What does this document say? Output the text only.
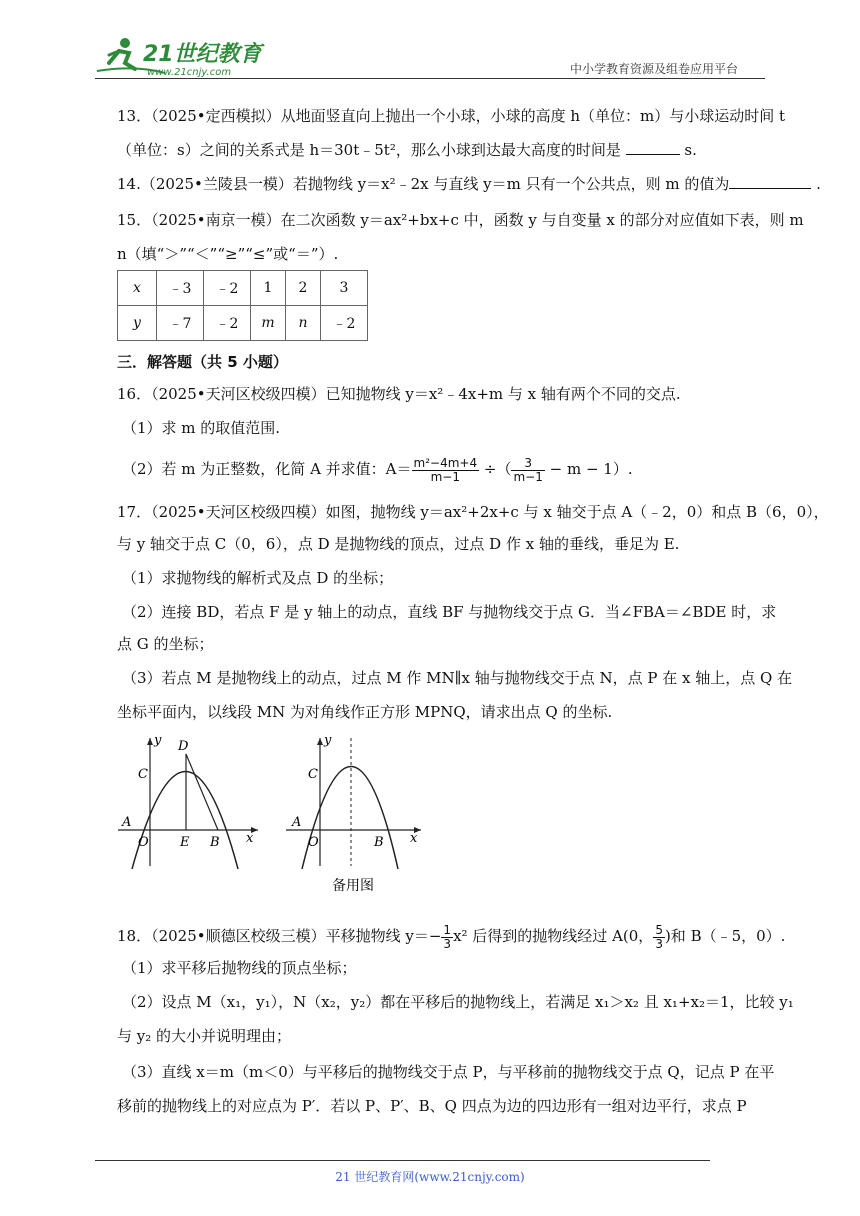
21世纪教育
www.21cnjy.com	中小学教育资源及组卷应用平台
13．（2025•定西模拟）从地面竖直向上抛出一个小球，小球的高度 h（单位：m）与小球运动时间 t
（单位：s）之间的关系式是 h＝30t﹣5t²，那么小球到达最大高度的时间是	s.
14.（2025•兰陵县一模）若抛物线 y＝x²﹣2x 与直线 y＝m 只有一个公共点，则 m 的值为	.
15．（2025•南京一模）在二次函数 y＝ax²+bx+c 中，函数 y 与自变量 x 的部分对应值如下表，则 m
n（填“＞”“＜”“≥”“≤”或“＝”）.
x	﹣3	﹣2	1	2	3
y	﹣7	﹣2	m	n	﹣2
三．解答题（共 5 小题）
16．（2025•天河区校级四模）已知抛物线 y＝x²﹣4x+m 与 x 轴有两个不同的交点.
（1）求 m 的取值范围.
（2）若 m 为正整数，化简 A 并求值：$A= \frac{\text{m²−4m+4}}{m-1}$ ÷（ $\frac{3}{m-1} - m - 1$）.
17．（2025•天河区校级四模）如图，抛物线 y＝ax²+2x+c 与 x 轴交于点 A（﹣2，0）和点 B（6，0），
与 y 轴交于点 C（0，6），点 D 是抛物线的顶点，过点 D 作 x 轴的垂线，垂足为 E.
（1）求抛物线的解析式及点 D 的坐标；
（2）连接 BD，若点 F 是 y 轴上的动点，直线 BF 与抛物线交于点 G．当∠FBA＝∠BDE 时，求
点 G 的坐标；
（3）若点 M 是抛物线上的动点，过点 M 作 MN∥x 轴与抛物线交于点 N，点 P 在 x 轴上，点 Q 在
坐标平面内，以线段 MN 为对角线作正方形 MPNQ，请求出点 Q 的坐标.
y D
C
A
O E B x
y
C
A
O	B x
备用图
18．（2025•顺德区校级三模）平移抛物线 $y=- \frac{1}{3} x^2$ 后得到的抛物线经过 A(0， $\frac{5}{3}$ )和 B（﹣5，0）.
（1）求平移后抛物线的顶点坐标；
（2）设点 M（x₁，y₁），N（x₂，y₂）都在平移后的抛物线上，若满足 x₁＞x₂ 且 x₁+x₂＝1，比较 y₁
与 y₂ 的大小并说明理由；
（3）直线 x＝m（m＜0）与平移后的抛物线交于点 P，与平移前的抛物线交于点 Q，记点 P 在平
移前的抛物线上的对应点为 P′．若以 P、P′、B、Q 四点为边的四边形有一组对边平行，求点 P
21 世纪教育网(www.21cnjy.com)
